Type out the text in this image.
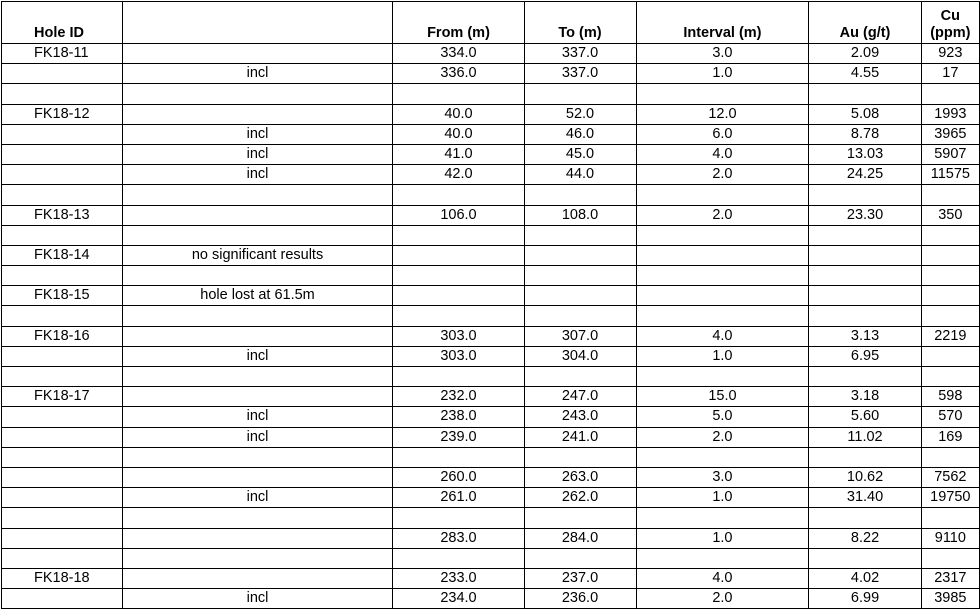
Hole ID		From (m)	To (m)	Interval (m)	Au (g/t)	Cu
(ppm)
FK18-11		334.0	337.0	3.0	2.09	923
	incl	336.0	337.0	1.0	4.55	17

FK18-12		40.0	52.0	12.0	5.08	1993
	incl	40.0	46.0	6.0	8.78	3965
	incl	41.0	45.0	4.0	13.03	5907
	incl	42.0	44.0	2.0	24.25	11575

FK18-13		106.0	108.0	2.0	23.30	350

FK18-14	no significant results					

FK18-15	hole lost at 61.5m					

FK18-16		303.0	307.0	4.0	3.13	2219
	incl	303.0	304.0	1.0	6.95	

FK18-17		232.0	247.0	15.0	3.18	598
	incl	238.0	243.0	5.0	5.60	570
	incl	239.0	241.0	2.0	11.02	169

		260.0	263.0	3.0	10.62	7562
	incl	261.0	262.0	1.0	31.40	19750

		283.0	284.0	1.0	8.22	9110

FK18-18		233.0	237.0	4.0	4.02	2317
	incl	234.0	236.0	2.0	6.99	3985
